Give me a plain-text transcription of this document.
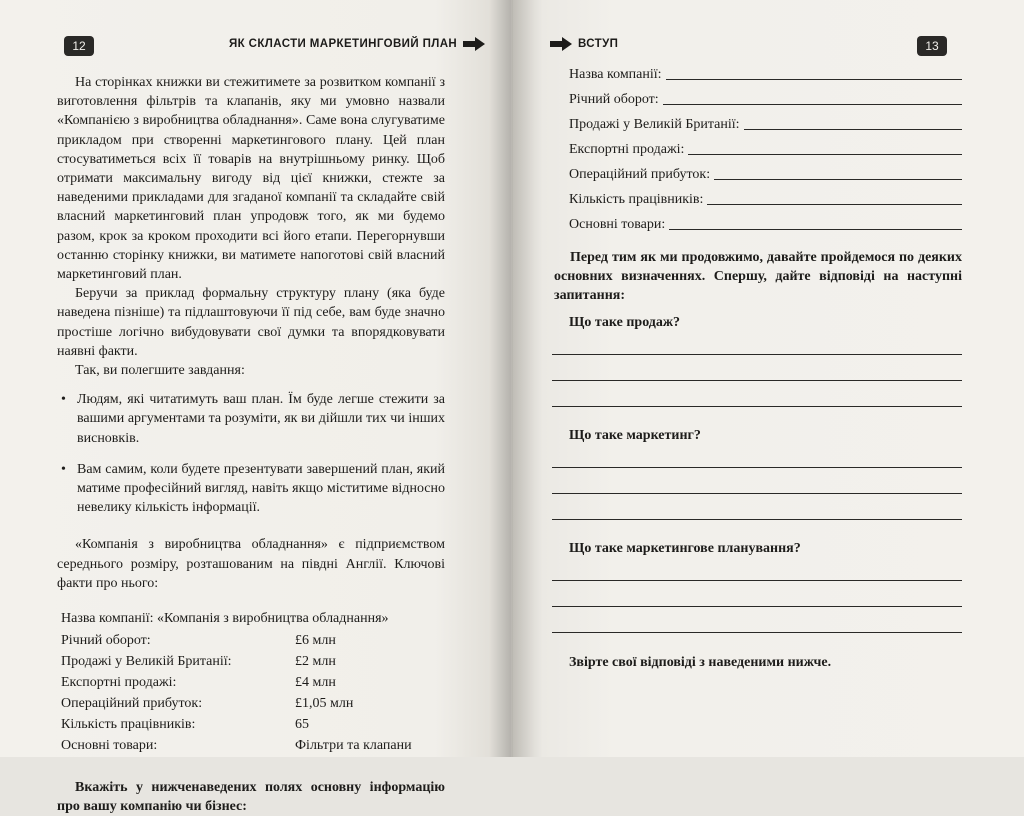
12	ЯК СКЛАСТИ МАРКЕТИНГОВИЙ ПЛАН

На сторінках книжки ви стежитимете за розвитком компанії з виготовлення фільтрів та клапанів, яку ми умовно назвали «Компанією з виробництва обладнання». Саме вона слугуватиме прикладом при створенні маркетингового плану. Цей план стосуватиметься всіх її товарів на внутрішньому ринку. Щоб отримати максимальну вигоду від цієї книжки, стежте за наведеними прикладами для згаданої компанії та складайте свій власний маркетинговий план упродовж того, як ми будемо разом, крок за кроком проходити всі його етапи. Перегорнувши останню сторінку книжки, ви матимете напоготові свій власний маркетинговий план.

Беручи за приклад формальну структуру плану (яка буде наведена пізніше) та підлаштовуючи її під себе, вам буде значно простіше логічно вибудовувати свої думки та впорядковувати наявні факти.

Так, ви полегшите завдання:

• Людям, які читатимуть ваш план. Їм буде легше стежити за вашими аргументами та розуміти, як ви дійшли тих чи інших висновків.
• Вам самим, коли будете презентувати завершений план, який матиме професійний вигляд, навіть якщо міститиме відносно невелику кількість інформації.

«Компанія з виробництва обладнання» є підприємством середнього розміру, розташованим на півдні Англії. Ключові факти про нього:

Назва компанії: «Компанія з виробництва обладнання»
Річний оборот:	£6 млн
Продажі у Великій Британії:	£2 млн
Експортні продажі:	£4 млн
Операційний прибуток:	£1,05 млн
Кількість працівників:	65
Основні товари:	Фільтри та клапани

Вкажіть у нижченаведених полях основну інформацію про вашу компанію чи бізнес:

ВСТУП	13
Назва компанії:
Річний оборот:
Продажі у Великій Британії:
Експортні продажі:
Операційний прибуток:
Кількість працівників:
Основні товари:

Перед тим як ми продовжимо, давайте пройдемося по деяких основних визначеннях. Спершу, дайте відповіді на наступні запитання:

Що таке продаж?
Що таке маркетинг?
Що таке маркетингове планування?
Звірте свої відповіді з наведеними нижче.
